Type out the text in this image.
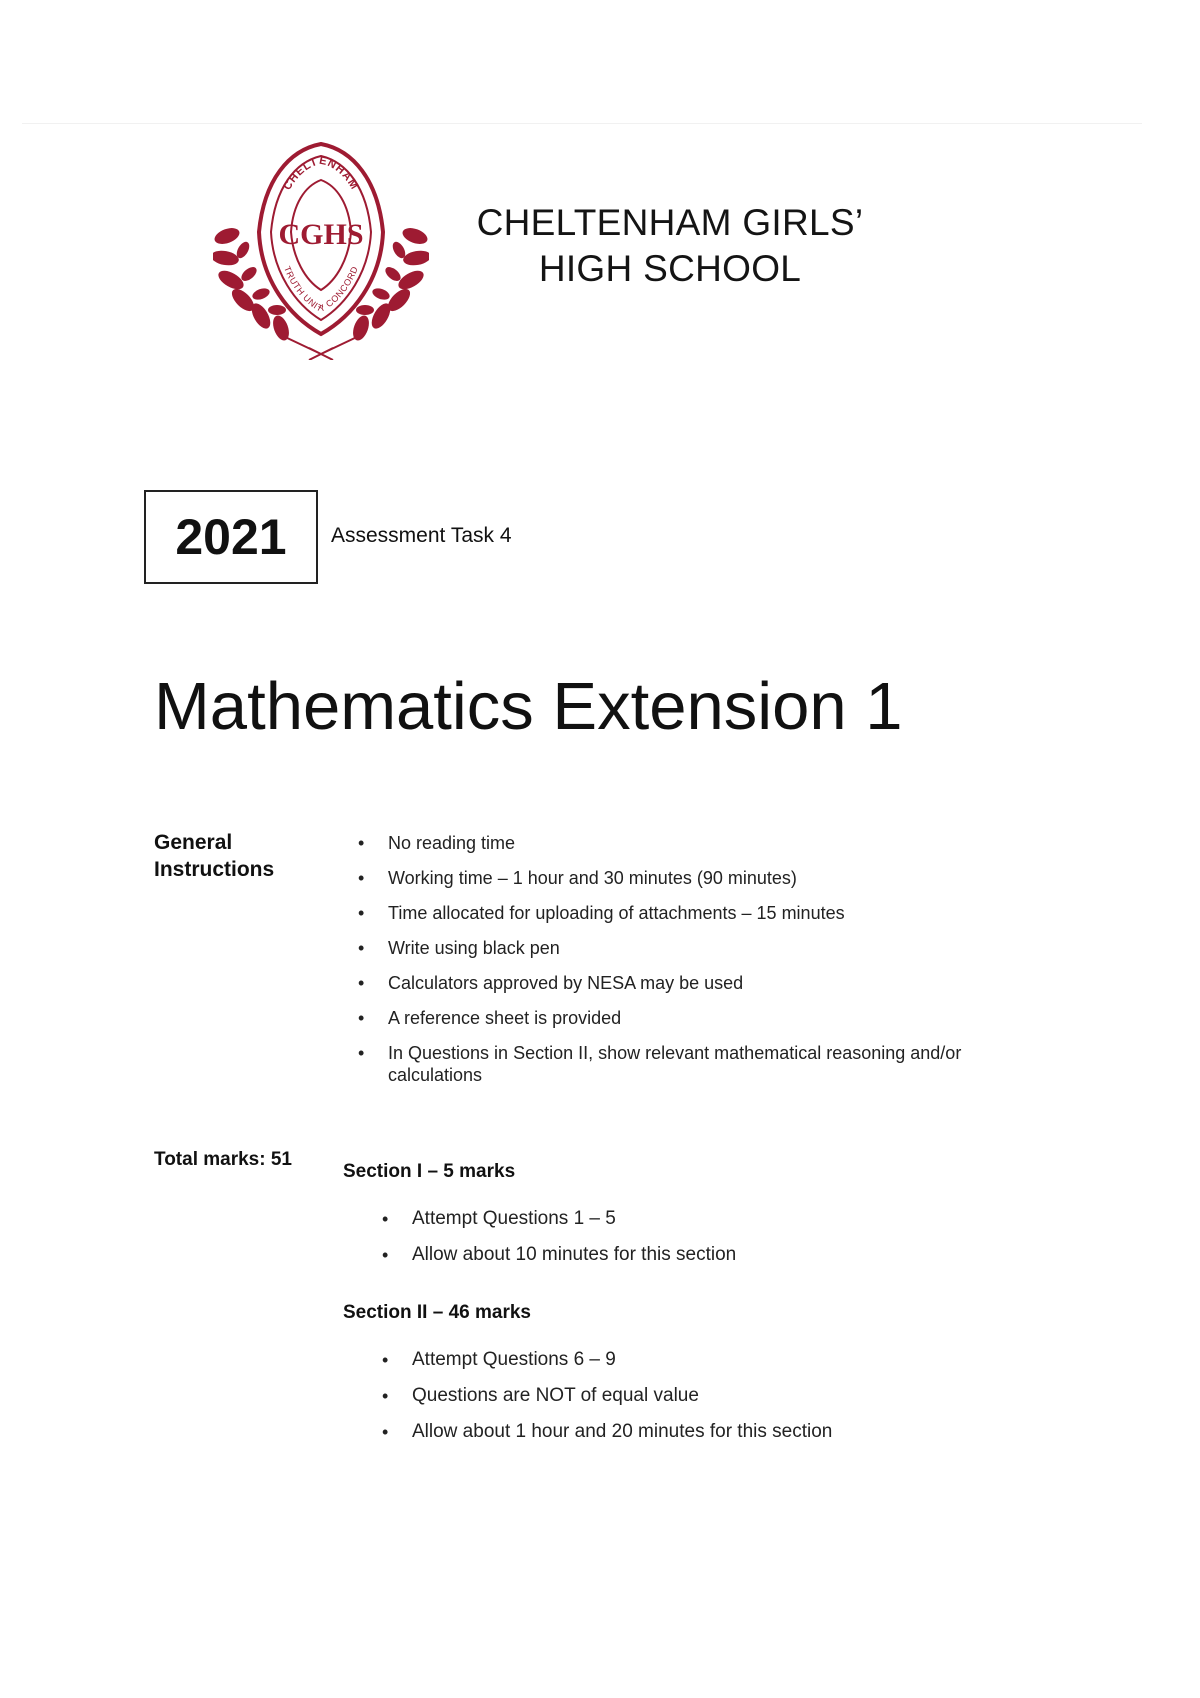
CHELTENHAM
TRUTH UNITY CONCORD
CGHS	CHELTENHAM GIRLS’
HIGH SCHOOL
2021 Assessment Task 4
Mathematics Extension 1
General
Instructions
• No reading time
• Working time – 1 hour and 30 minutes (90 minutes)
• Time allocated for uploading of attachments – 15 minutes
• Write using black pen
• Calculators approved by NESA may be used
• A reference sheet is provided
• In Questions in Section II, show relevant mathematical reasoning and/or calculations
Total marks: 51
Section I – 5 marks
• Attempt Questions 1 – 5
• Allow about 10 minutes for this section
Section II – 46 marks
• Attempt Questions 6 – 9
• Questions are NOT of equal value
• Allow about 1 hour and 20 minutes for this section
